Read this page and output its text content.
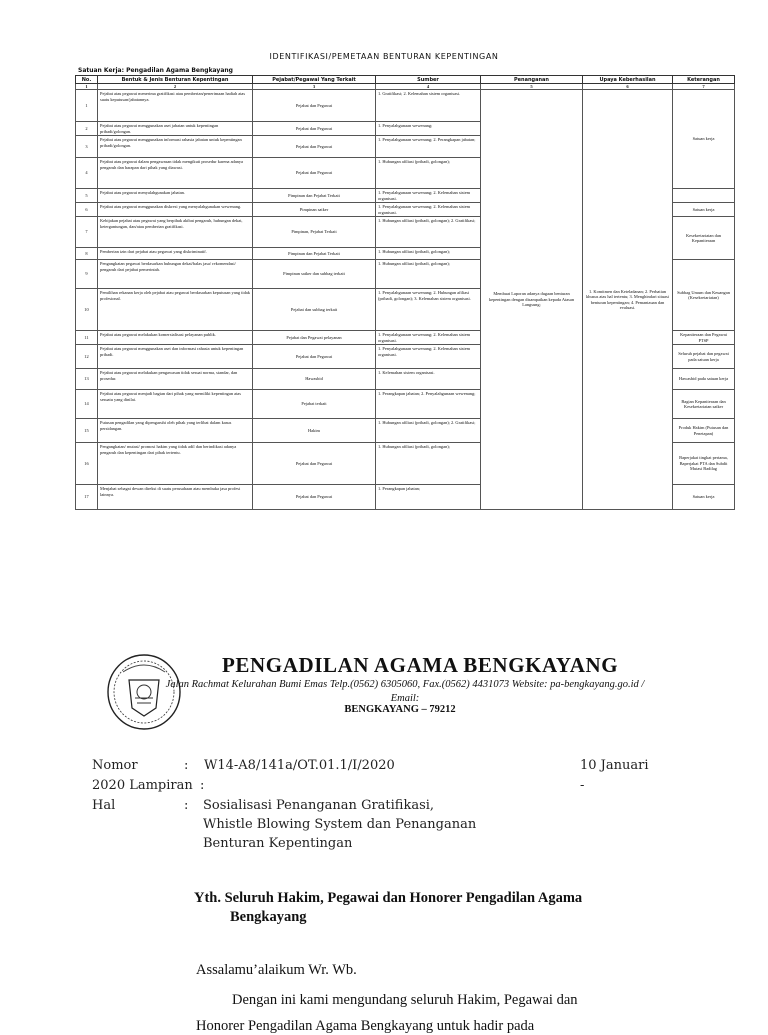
IDENTIFIKASI/PEMETAAN BENTURAN KEPENTINGAN
Satuan Kerja: Pengadilan Agama Bengkayang
No.	Bentuk & Jenis Benturan Kepentingan	Pejabat/Pegawai Yang Terkait	Sumber	Penanganan	Upaya Keberhasilan	Keterangan
1	2	3	4	5	6	7
1	Pejabat atau pegawai menerima gratifikasi atau pemberian/penerimaan hadiah atas suatu keputusan/jabatannya.	Pejabat dan Pegawai	1. Gratifikasi; 2. Kelemahan sistem organisasi.	Membuat Laporan adanya dugaan benturan kepentingan dengan disampaikan kepada Atasan Langsung;	1. Komitmen dan Keteladanan; 2. Perhatian khusus atas hal tertentu; 3. Menghindari situasi benturan kepentingan; 4. Pemantauan dan evaluasi.	Satuan kerja
2	Pejabat atau pegawai menggunakan aset jabatan untuk kepentingan pribadi/golongan.	Pejabat dan Pegawai	1. Penyalahgunaan wewenang;			
3	Pejabat atau pegawai menggunakan informasi rahasia jabatan untuk kepentingan pribadi/golongan.	Pejabat dan Pegawai	1. Penyalahgunaan wewenang; 2. Perangkapan jabatan;			
4	Pejabat atau pegawai dalam pengawasan tidak mengikuti prosedur karena adanya pengaruh dan harapan dari pihak yang diawasi.	Pejabat dan Pegawai	1. Hubungan afiliasi (pribadi, golongan);			
5	Pejabat atau pegawai menyalahgunakan jabatan.	Pimpinan dan Pejabat Terkait	1. Penyalahgunaan wewenang; 2. Kelemahan sistem organisasi.			
6	Pejabat atau pegawai menggunakan diskresi yang menyalahgunakan wewenang.	Pimpinan satker	1. Penyalahgunaan wewenang; 2. Kelemahan sistem organisasi.			Satuan kerja
7	Kebijakan pejabat atau pegawai yang berpihak akibat pengaruh, hubungan dekat, ketergantungan, dan/atau pemberian gratifikasi.	Pimpinan, Pejabat Terkait	1. Hubungan afiliasi (pribadi, golongan); 2. Gratifikasi;			Kesekretariatan dan Kepaniteraan
8	Pemberian izin dari pejabat atau pegawai yang diskriminatif.	Pimpinan dan Pejabat Terkait	1. Hubungan afiliasi (pribadi, golongan);			
9	Pengangkatan pegawai berdasarkan hubungan dekat/balas jasa/ rekomendasi/ pengaruh dari pejabat pemerintah.	Pimpinan satker dan subbag terkait	1. Hubungan afiliasi (pribadi, golongan);			Subbag Umum dan Keuangan (Kesekretariatan)
10	Pemilihan rekanan kerja oleh pejabat atau pegawai berdasarkan keputusan yang tidak profesional.	Pejabat dan subbag terkait	1. Penyalahgunaan wewenang; 2. Hubungan afiliasi (pribadi, golongan); 3. Kelemahan sistem organisasi.			
11	Pejabat atau pegawai melakukan komersialisasi pelayanan publik.	Pejabat dan Pegawai pelayanan	1. Penyalahgunaan wewenang; 2. Kelemahan sistem organisasi.			Kepaniteraan dan Pegawai PTSP
12	Pejabat atau pegawai menggunakan aset dan informasi rahasia untuk kepentingan pribadi.	Pejabat dan Pegawai	1. Penyalahgunaan wewenang; 2. Kelemahan sistem organisasi.			Seluruh pejabat dan pegawai pada satuan kerja
13	Pejabat atau pegawai melakukan pengawasan tidak sesuai norma, standar, dan prosedur.	Hawasbid	1. Kelemahan sistem organisasi.			Hawasbid pada satuan kerja
14	Pejabat atau pegawai menjadi bagian dari pihak yang memiliki kepentingan atas sesuatu yang dinilai.	Pejabat terkait	1. Perangkapan jabatan; 2. Penyalahgunaan wewenang;			Bagian Kepaniteraan dan Kesekretariatan satker
15	Putusan pengadilan yang dipengaruhi oleh pihak yang terlibat dalam kasus persidangan.	Hakim	1. Hubungan afiliasi (pribadi, golongan); 2. Gratifikasi;			Produk Hakim (Putusan dan Penetapan)
16	Pengangkatan/ mutasi/ promosi hakim yang tidak adil dan berindikasi adanya pengaruh dan kepentingan dari pihak tertentu.	Pejabat dan Pegawai	1. Hubungan afiliasi (pribadi, golongan);			Baperjakat tingkat pertama, Baperjakat PTA dan Subdit Mutasi Badilag
17	Menjabat sebagai dewan direksi di suatu perusahaan atau membuka jasa profesi lainnya.	Pejabat dan Pegawai	1. Perangkapan jabatan;			Satuan kerja
PENGADILAN AGAMA BENGKAYANG
Jalan Rachmat Kelurahan Bumi Emas Telp.(0562) 6305060, Fax.(0562) 4431073 Website: pa-bengkayang.go.id /
Email:
BENGKAYANG – 79212
Nomor	: W14-A8/141a/OT.01.1/I/2020	10 Januari
2020 Lampiran :	-
Hal	: Sosialisasi Penanganan Gratifikasi,
Whistle Blowing System dan Penanganan
Benturan Kepentingan
Yth. Seluruh Hakim, Pegawai dan Honorer Pengadilan Agama
Bengkayang
Assalamu’alaikum Wr. Wb.
Dengan ini kami mengundang seluruh Hakim, Pegawai dan
Honorer Pengadilan Agama Bengkayang untuk hadir pada
